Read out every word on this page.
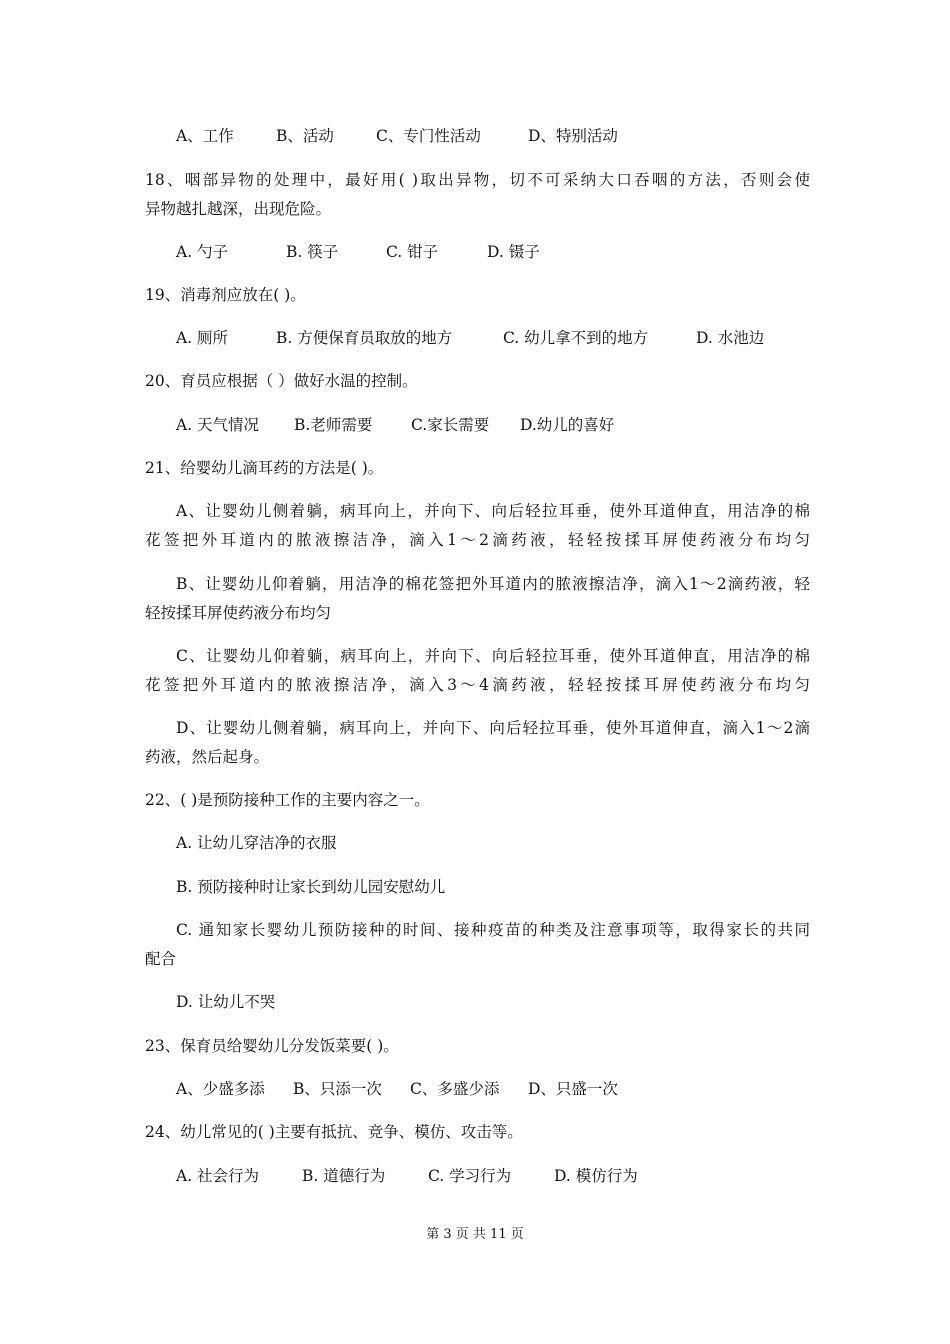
A、工作	B、活动	C、专门性活动	D、特别活动
18、咽部异物的处理中，最好用( )取出异物，切不可采纳大口吞咽的方法，否则会使
异物越扎越深，出现危险。
A. 勺子	B. 筷子	C. 钳子	D. 镊子
19、消毒剂应放在( )。
A. 厕所	B. 方便保育员取放的地方	C. 幼儿拿不到的地方	D. 水池边
20、育员应根据（ ）做好水温的控制。
A. 天气情况 B.老师需要 C.家长需要 D.幼儿的喜好
21、给婴幼儿滴耳药的方法是( )。
A、让婴幼儿侧着躺，病耳向上，并向下、向后轻拉耳垂，使外耳道伸直，用洁净的棉
花签把外耳道内的脓液擦洁净，滴入1～2滴药液，轻轻按揉耳屏使药液分布均匀
B、让婴幼儿仰着躺，用洁净的棉花签把外耳道内的脓液擦洁净，滴入1～2滴药液，轻
轻按揉耳屏使药液分布均匀
C、让婴幼儿仰着躺，病耳向上，并向下、向后轻拉耳垂，使外耳道伸直，用洁净的棉
花签把外耳道内的脓液擦洁净，滴入3～4滴药液，轻轻按揉耳屏使药液分布均匀
D、让婴幼儿侧着躺，病耳向上，并向下、向后轻拉耳垂，使外耳道伸直，滴入1～2滴
药液，然后起身。
22、( )是预防接种工作的主要内容之一。
A. 让幼儿穿洁净的衣服
B. 预防接种时让家长到幼儿园安慰幼儿
C. 通知家长婴幼儿预防接种的时间、接种疫苗的种类及注意事项等，取得家长的共同
配合
D. 让幼儿不哭
23、保育员给婴幼儿分发饭菜要( )。
A、少盛多添 B、只添一次 C、多盛少添 D、只盛一次
24、幼儿常见的( )主要有抵抗、竞争、模仿、攻击等。
A. 社会行为	B. 道德行为	C. 学习行为	D. 模仿行为
第 3 页 共 11 页
